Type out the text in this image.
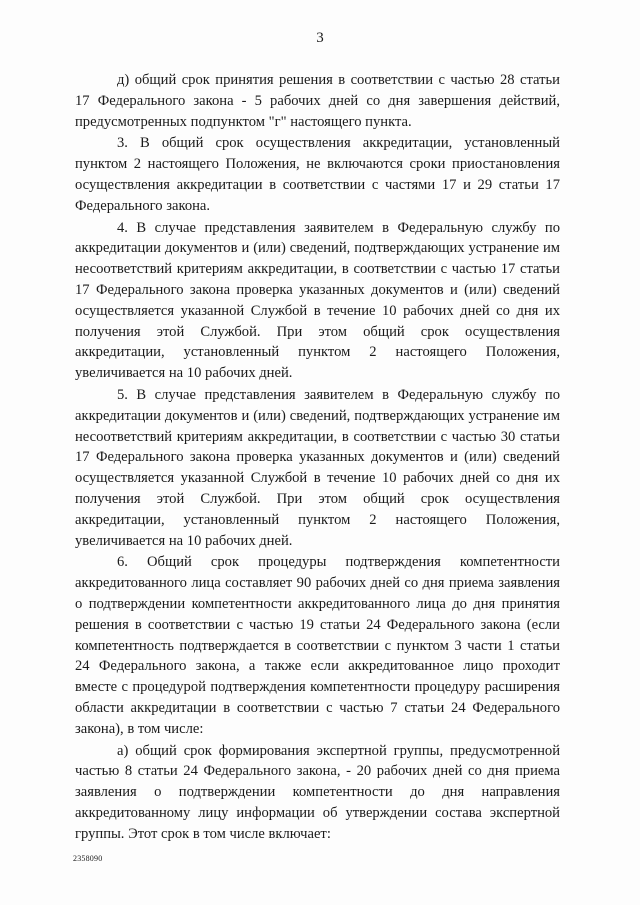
3

д) общий срок принятия решения в соответствии с частью 28 статьи 17 Федерального закона - 5 рабочих дней со дня завершения действий, предусмотренных подпунктом "г" настоящего пункта.

3. В общий срок осуществления аккредитации, установленный пунктом 2 настоящего Положения, не включаются сроки приостановления осуществления аккредитации в соответствии с частями 17 и 29 статьи 17 Федерального закона.

4. В случае представления заявителем в Федеральную службу по аккредитации документов и (или) сведений, подтверждающих устранение им несоответствий критериям аккредитации, в соответствии с частью 17 статьи 17 Федерального закона проверка указанных документов и (или) сведений осуществляется указанной Службой в течение 10 рабочих дней со дня их получения этой Службой. При этом общий срок осуществления аккредитации, установленный пунктом 2 настоящего Положения, увеличивается на 10 рабочих дней.

5. В случае представления заявителем в Федеральную службу по аккредитации документов и (или) сведений, подтверждающих устранение им несоответствий критериям аккредитации, в соответствии с частью 30 статьи 17 Федерального закона проверка указанных документов и (или) сведений осуществляется указанной Службой в течение 10 рабочих дней со дня их получения этой Службой. При этом общий срок осуществления аккредитации, установленный пунктом 2 настоящего Положения, увеличивается на 10 рабочих дней.

6. Общий срок процедуры подтверждения компетентности аккредитованного лица составляет 90 рабочих дней со дня приема заявления о подтверждении компетентности аккредитованного лица до дня принятия решения в соответствии с частью 19 статьи 24 Федерального закона (если компетентность подтверждается в соответствии с пунктом 3 части 1 статьи 24 Федерального закона, а также если аккредитованное лицо проходит вместе с процедурой подтверждения компетентности процедуру расширения области аккредитации в соответствии с частью 7 статьи 24 Федерального закона), в том числе:

а) общий срок формирования экспертной группы, предусмотренной частью 8 статьи 24 Федерального закона, - 20 рабочих дней со дня приема заявления о подтверждении компетентности до дня направления аккредитованному лицу информации об утверждении состава экспертной группы. Этот срок в том числе включает:

2358090
